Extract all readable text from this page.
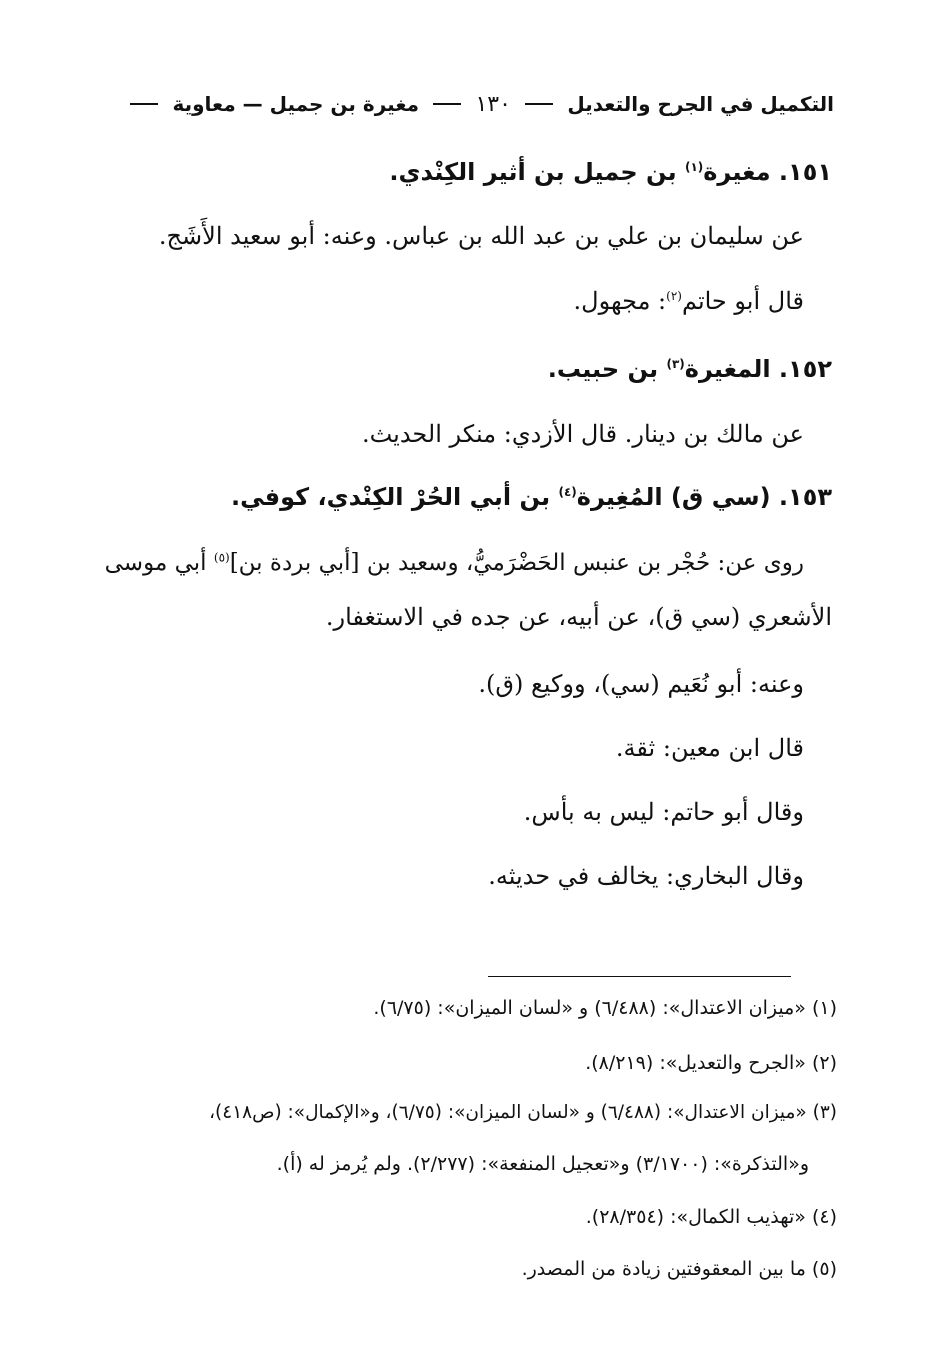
التكميل في الجرح والتعديل
١٣٠
مغيرة بن جميل — معاوية
١٥١. مغيرة$^{(١)}$ بن جميل بن أثير الكِنْدي.
عن سليمان بن علي بن عبد الله بن عباس. وعنه: أبو سعيد الأَشَج.
قال أبو حاتم$^{(٢)}$: مجهول.
١٥٢. المغيرة$^{(٣)}$ بن حبيب.
عن مالك بن دينار. قال الأزدي: منكر الحديث.
١٥٣. (سي ق) المُغِيرة$^{(٤)}$ بن أبي الحُرْ الكِنْدي، كوفي.
روى عن: حُجْر بن عنبس الحَضْرَميُّ، وسعيد بن [أبي بردة بن]$^{(٥)}$ أبي موسى
الأشعري (سي ق)، عن أبيه، عن جده في الاستغفار.
وعنه: أبو نُعَيم (سي)، ووكيع (ق).
قال ابن معين: ثقة.
وقال أبو حاتم: ليس به بأس.
وقال البخاري: يخالف في حديثه.
(١) «ميزان الاعتدال»: (٦/٤٨٨) و «لسان الميزان»: (٦/٧٥).
(٢) «الجرح والتعديل»: (٨/٢١٩).
(٣) «ميزان الاعتدال»: (٦/٤٨٨) و «لسان الميزان»: (٦/٧٥)، و«الإكمال»: (ص٤١٨)،
و«التذكرة»: (٣/١٧٠٠) و«تعجيل المنفعة»: (٢/٢٧٧). ولم يُرمز له (أ).
(٤) «تهذيب الكمال»: (٢٨/٣٥٤).
(٥) ما بين المعقوفتين زيادة من المصدر.
